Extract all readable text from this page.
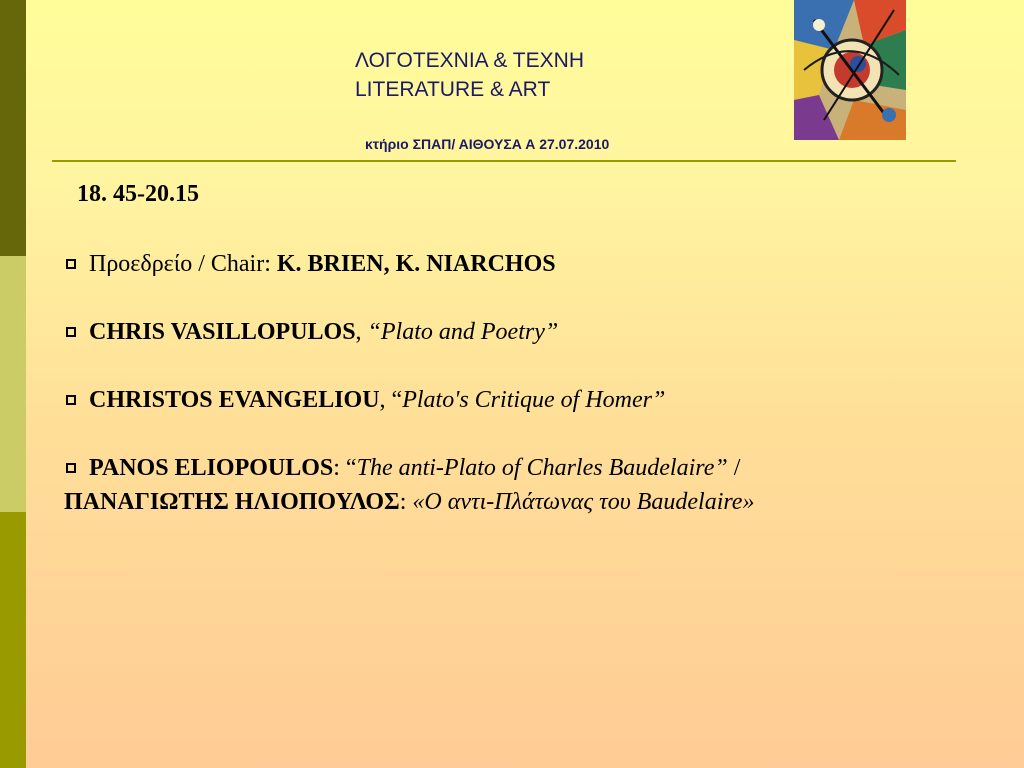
ΛΟΓΟΤΕΧΝΙΑ & ΤΕΧΝΗ
LITERATURE & ART
κτήριο ΣΠΑΠ/ ΑΙΘΟΥΣΑ Α 27.07.2010
18. 45-20.15
Προεδρείο / Chair: K. BRIEN, K. NIARCHOS
CHRIS VASILLOPULOS, “Plato and Poetry”
CHRISTOS EVANGELIOU, “Plato's Critique of Homer”
PANOS ELIOPOULOS: “The anti-Plato of Charles Baudelaire” /
ΠΑΝΑΓΙΩΤΗΣ ΗΛΙΟΠΟΥΛΟΣ: «Ο αντι-Πλάτωνας του Baudelaire»
